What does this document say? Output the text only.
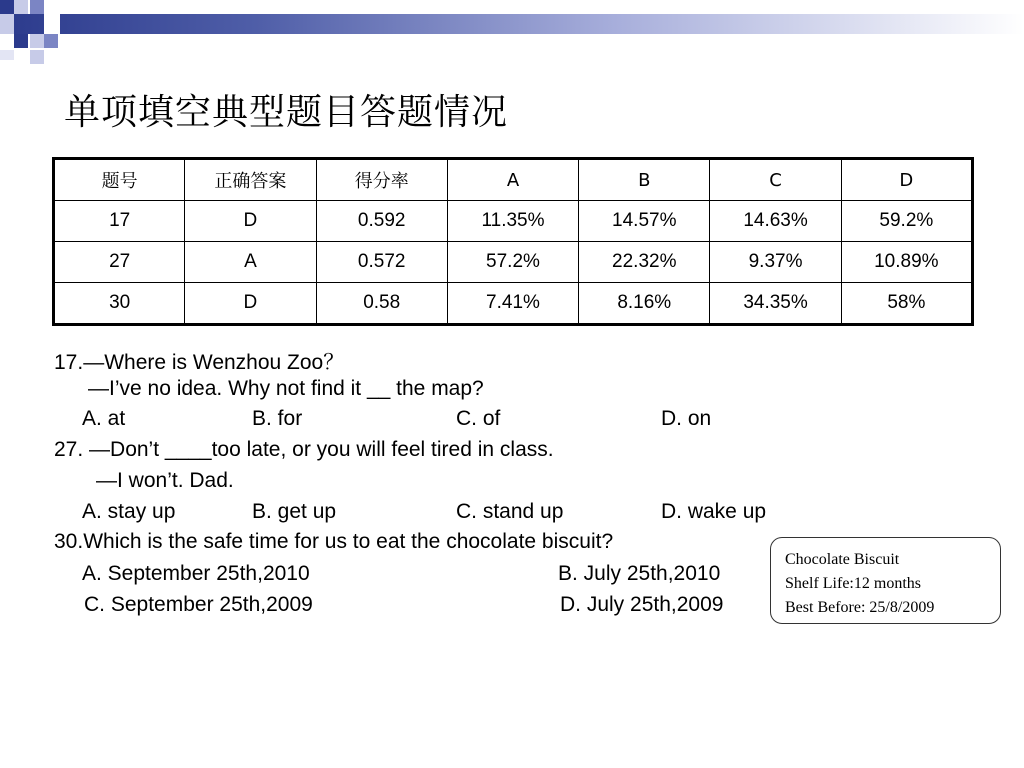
单项填空典型题目答题情况
题号	正确答案	得分率	A	B	C	D
17	D	0.592	11.35%	14.57%	14.63%	59.2%
27	A	0.572	57.2%	22.32%	9.37%	10.89%
30	D	0.58	7.41%	8.16%	34.35%	58%
17.—Where is Wenzhou Zoo？
—I’ve no idea. Why not find it __ the map?
A. at	B. for	C. of	D. on
27. —Don’t ____too late, or you will feel tired in class.
—I won’t. Dad.
A. stay up	B. get up	C. stand up	D. wake up
30.Which is the safe time for us to eat the chocolate biscuit?
A. September 25th,2010	B. July 25th,2010
C. September 25th,2009	D. July 25th,2009
Chocolate Biscuit
Shelf Life:12 months
Best Before: 25/8/2009
